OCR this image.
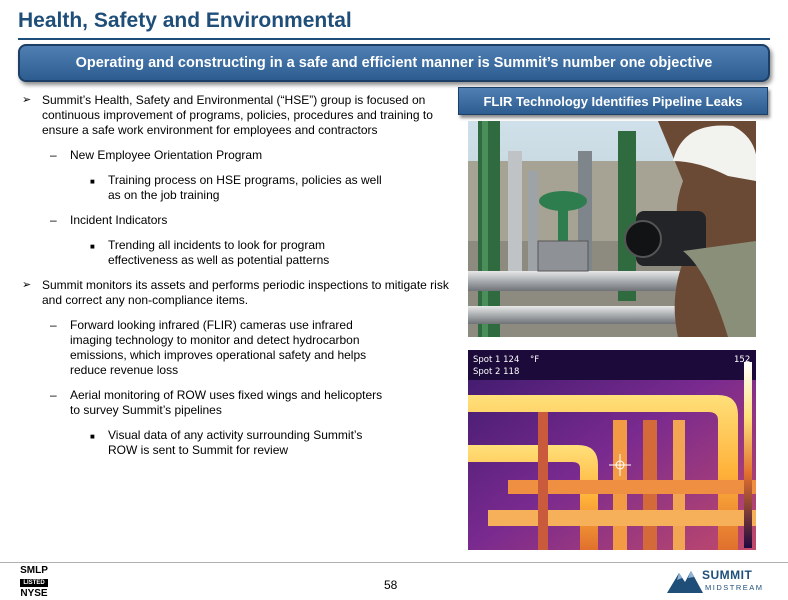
Health, Safety and Environmental
Operating and constructing in a safe and efficient manner is Summit’s number one objective
➢ Summit’s Health, Safety and Environmental (“HSE”) group is focused on continuous improvement of programs, policies, procedures and training to ensure a safe work environment for employees and contractors
– New Employee Orientation Program
■ Training process on HSE programs, policies as well as on the job training
– Incident Indicators
■ Trending all incidents to look for program effectiveness as well as potential patterns
➢ Summit monitors its assets and performs periodic inspections to mitigate risk and correct any non-compliance items.
– Forward looking infrared (FLIR) cameras use infrared imaging technology to monitor and detect hydrocarbon emissions, which improves operational safety and helps reduce revenue loss
– Aerial monitoring of ROW uses fixed wings and helicopters to survey Summit’s pipelines
■ Visual data of any activity surrounding Summit’s ROW is sent to Summit for review
FLIR Technology Identifies Pipeline Leaks
Spot 1 124
Spot 2 118
°F	152
SMLP
LISTED
NYSE
58
SUMMIT
MIDSTREAM
